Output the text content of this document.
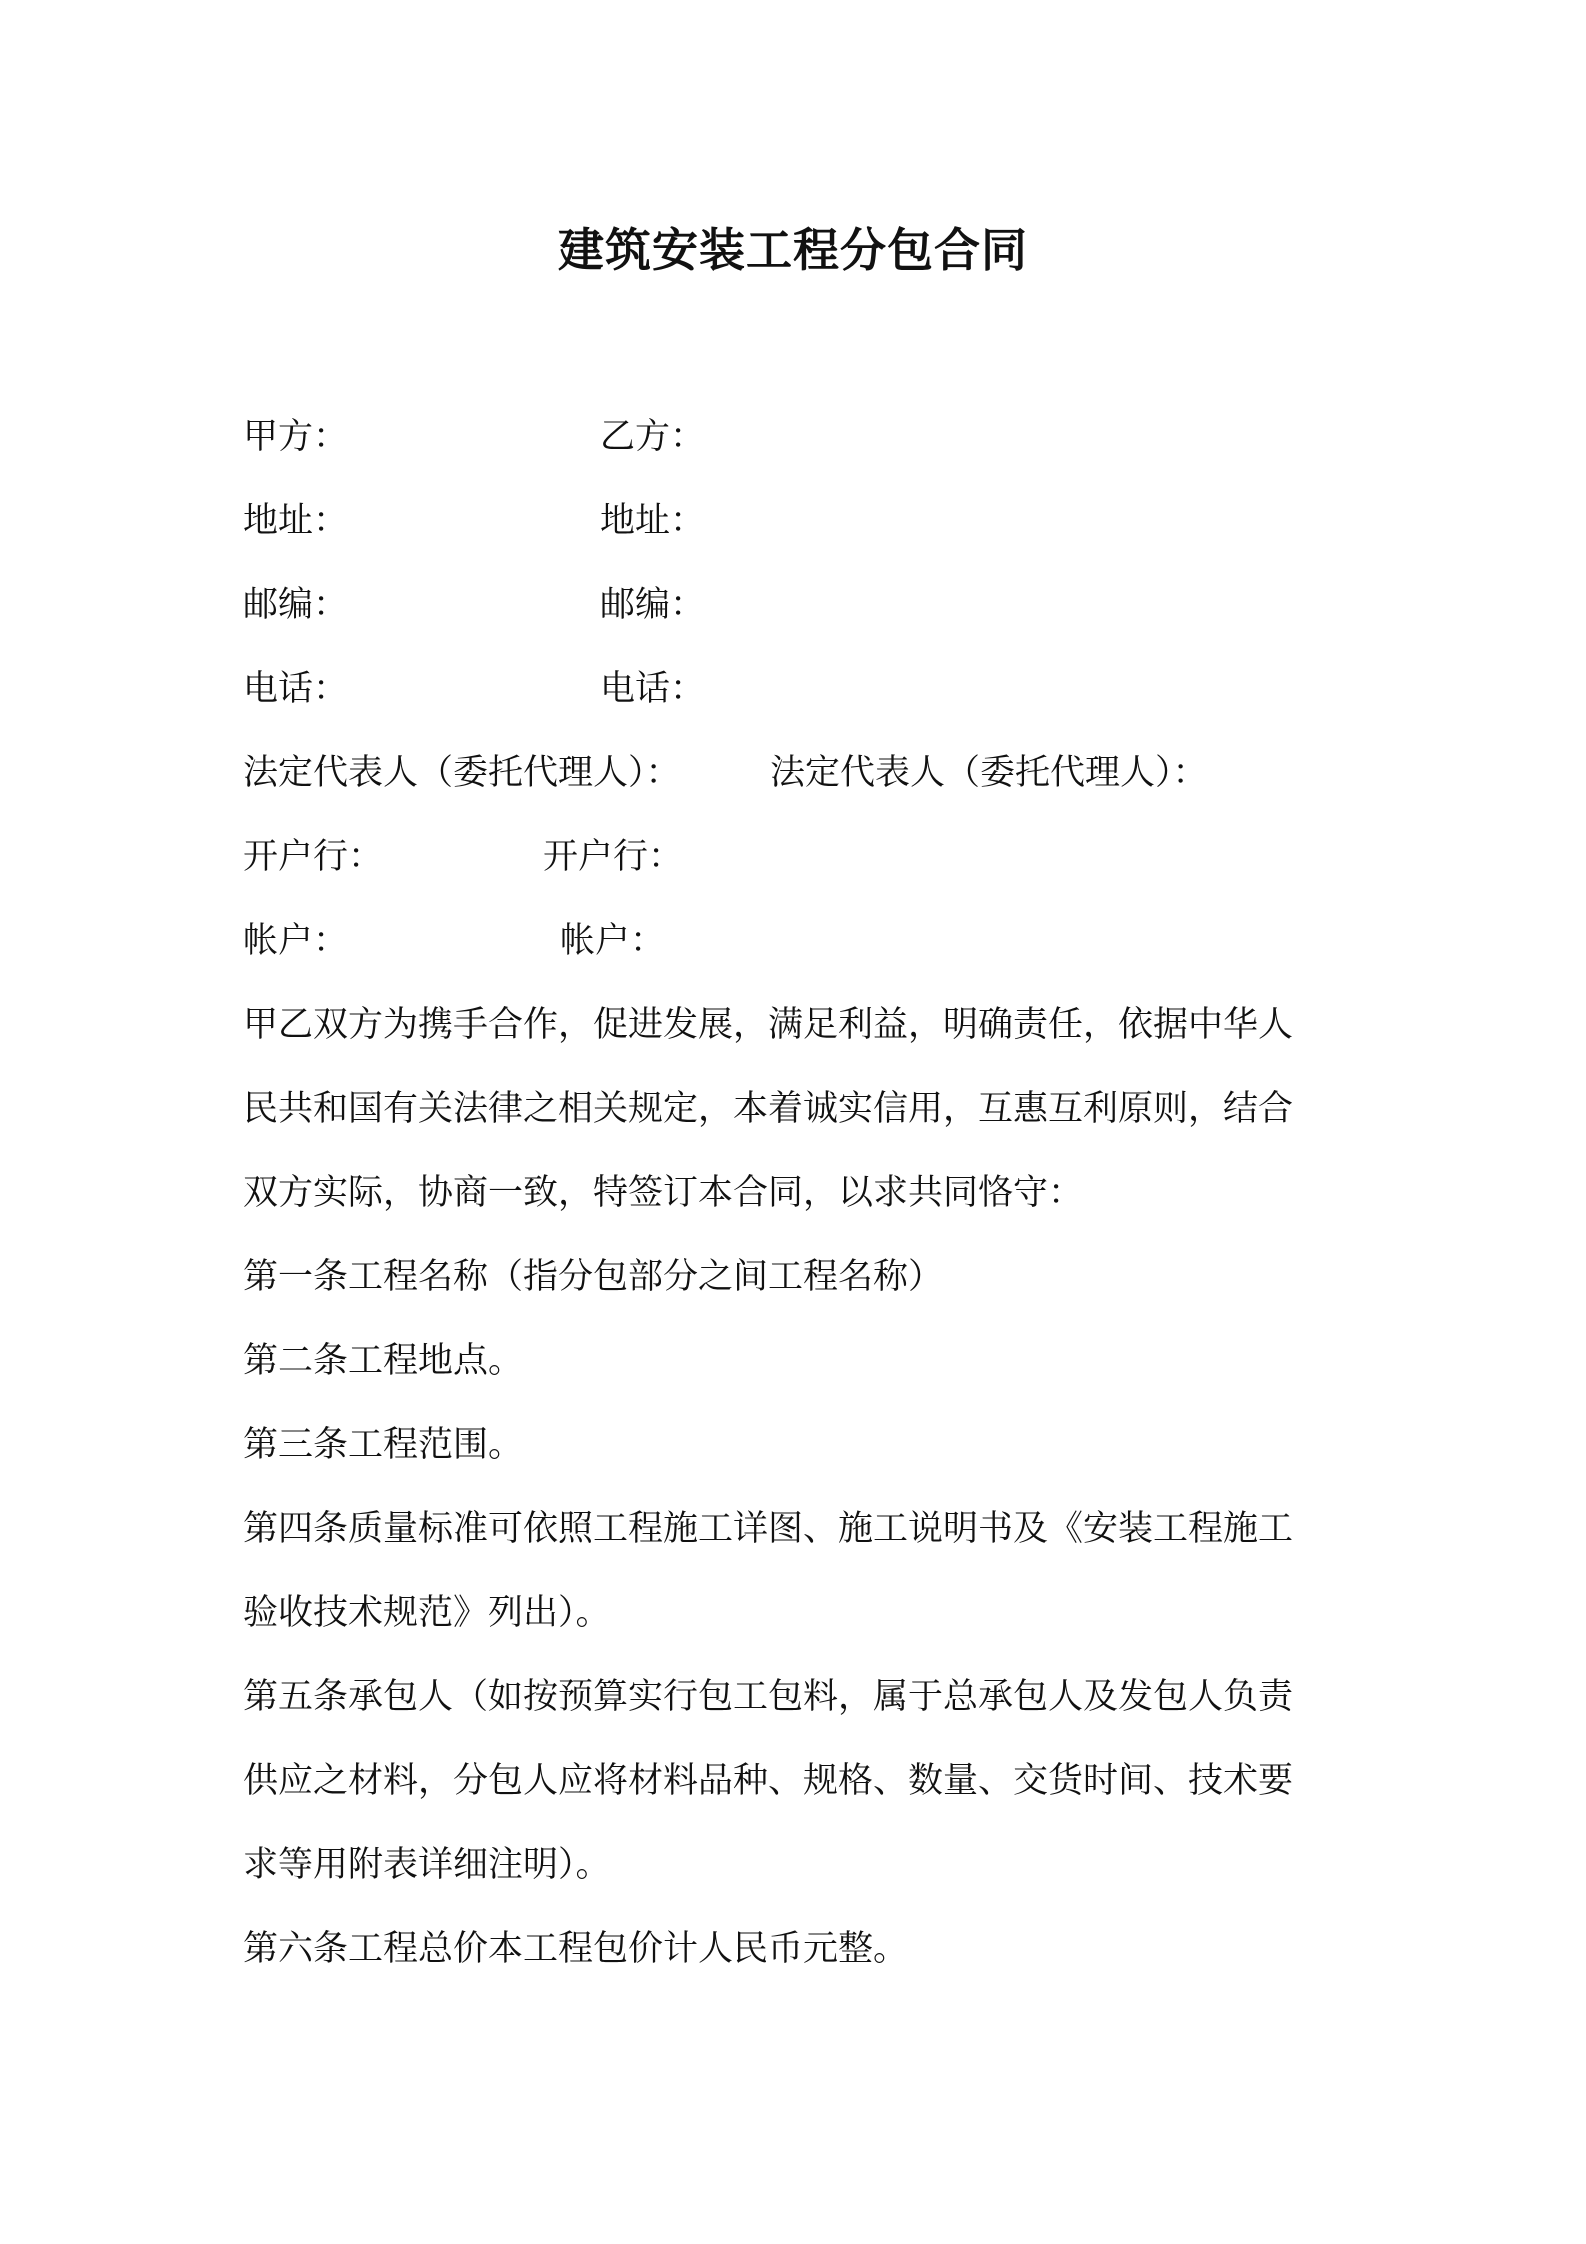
建筑安装工程分包合同
甲方：	乙方：
地址：	地址：
邮编：	邮编：
电话：	电话：
法定代表人（委托代理人）：	法定代表人（委托代理人）：
开户行：	开户行：
帐户：	帐户：
甲乙双方为携手合作，促进发展，满足利益，明确责任，依据中华人
民共和国有关法律之相关规定，本着诚实信用，互惠互利原则，结合
双方实际，协商一致，特签订本合同，以求共同恪守：
第一条工程名称（指分包部分之间工程名称）
第二条工程地点。
第三条工程范围。
第四条质量标准可依照工程施工详图、施工说明书及《安装工程施工
验收技术规范》列出）。
第五条承包人（如按预算实行包工包料，属于总承包人及发包人负责
供应之材料，分包人应将材料品种、规格、数量、交货时间、技术要
求等用附表详细注明）。
第六条工程总价本工程包价计人民币元整。
